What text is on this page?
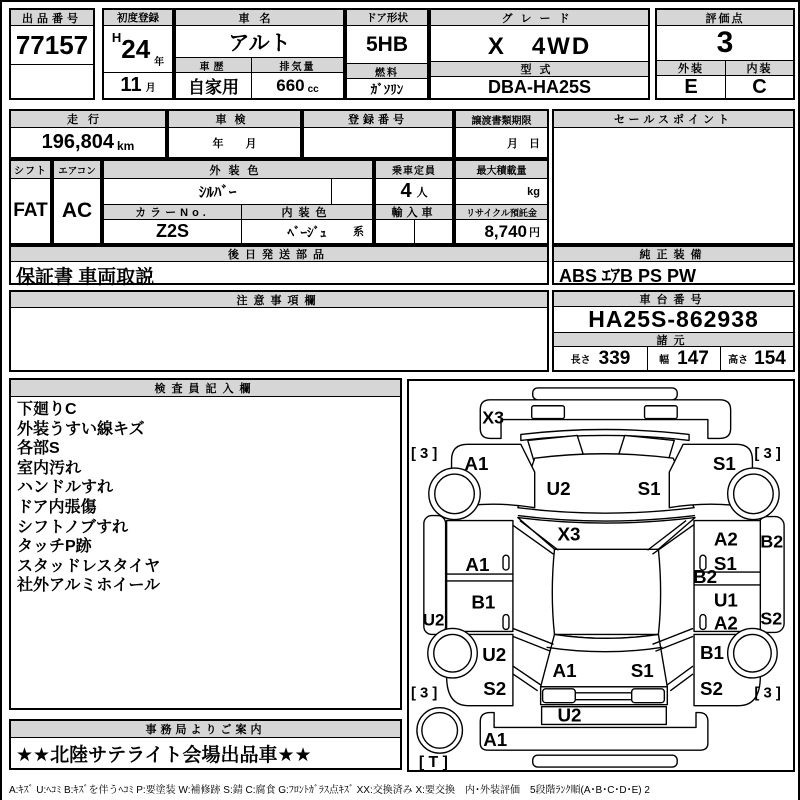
出品番号
77157
初度登録
H 24 年
11 月
車名
アルト
車歴
自家用
排気量
660 cc
ドア形状
5HB
燃料
ｶﾞｿﾘﾝ
グレード
X　4WD
型式
DBA-HA25S
評価点
3
外装	内装
E	C
走行
196,804 km
車検
年　　月
登録番号	譲渡書類期限
月　日
セールスポイント
シフト
FAT
エアコン
AC
外装色
ｼﾙﾊﾞｰ
カラーNo.	内装色
Z2S	ﾍﾞｰｼﾞｭ 系
乗車定員
4 人
輸入車
最大積載量
kg
リサイクル預託金
8,740 円
後日発送部品
保証書 車両取説
純正装備
ABS ｴｱB PS PW
注意事項欄	車台番号
HA25S-862938
諸元
長さ 339	幅 147 高さ 154
検査員記入欄
下廻りC
外装うすい線キズ
各部S
室内汚れ
ハンドルすれ
ドア内張傷
シフトノブすれ
タッチP跡
スタッドレスタイヤ
社外アルミホイール
X3
[ 3 ] A1
U2	S1
S1 [ 3 ]
X3
A1
B1
U2
A2
S1
B2
U1
A2
B2
S2
U2
S2
[ 3 ]
B1
S2 [ 3 ]
A1	S1
U2
A1
[ T ]
事務局よりご案内
★★北陸サテライト会場出品車★★
A:ｷｽﾞ U:ﾍｺﾐ B:ｷｽﾞを伴うﾍｺﾐ P:要塗装 W:補修跡 S:錆 C:腐食 G:ﾌﾛﾝﾄｶﾞﾗｽ点ｷｽﾞ XX:交換済み X:要交換　内･外装評価　5段階ﾗﾝｸ順(A･B･C･D･E) 2
